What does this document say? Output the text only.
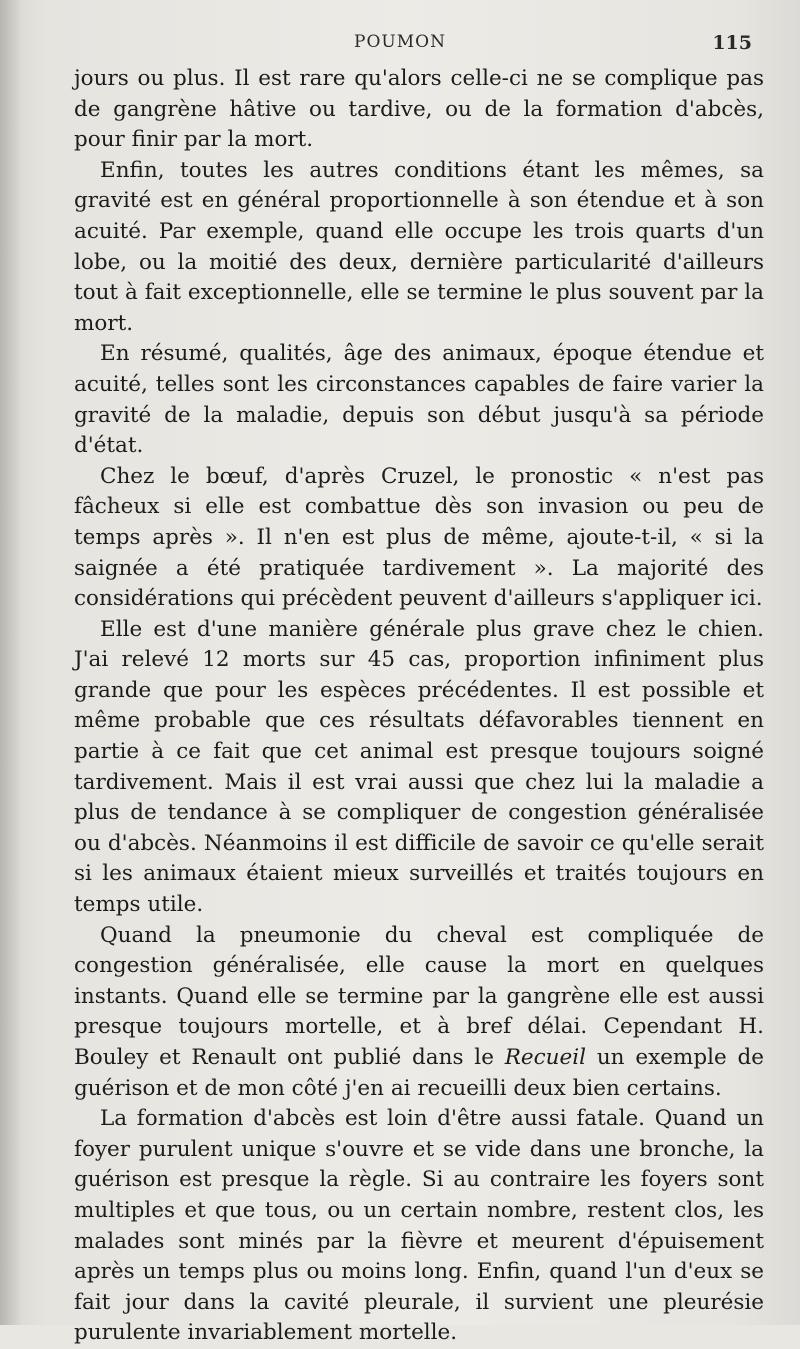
POUMON	115

jours ou plus. Il est rare qu'alors celle-ci ne se complique pas de gangrène hâtive ou tardive, ou de la formation d'abcès, pour finir par la mort.

Enfin, toutes les autres conditions étant les mêmes, sa gravité est en général proportionnelle à son étendue et à son acuité. Par exemple, quand elle occupe les trois quarts d'un lobe, ou la moitié des deux, dernière particularité d'ailleurs tout à fait exceptionnelle, elle se termine le plus souvent par la mort.

En résumé, qualités, âge des animaux, époque étendue et acuité, telles sont les circonstances capables de faire varier la gravité de la maladie, depuis son début jusqu'à sa période d'état.

Chez le bœuf, d'après Cruzel, le pronostic « n'est pas fâcheux si elle est combattue dès son invasion ou peu de temps après ». Il n'en est plus de même, ajoute-t-il, « si la saignée a été pratiquée tardivement ». La majorité des considérations qui précèdent peuvent d'ailleurs s'appliquer ici.

Elle est d'une manière générale plus grave chez le chien. J'ai relevé 12 morts sur 45 cas, proportion infiniment plus grande que pour les espèces précédentes. Il est possible et même probable que ces résultats défavorables tiennent en partie à ce fait que cet animal est presque toujours soigné tardivement. Mais il est vrai aussi que chez lui la maladie a plus de tendance à se compliquer de congestion généralisée ou d'abcès. Néanmoins il est difficile de savoir ce qu'elle serait si les animaux étaient mieux surveillés et traités toujours en temps utile.

Quand la pneumonie du cheval est compliquée de congestion généralisée, elle cause la mort en quelques instants. Quand elle se termine par la gangrène elle est aussi presque toujours mortelle, et à bref délai. Cependant H. Bouley et Renault ont publié dans le Recueil un exemple de guérison et de mon côté j'en ai recueilli deux bien certains.

La formation d'abcès est loin d'être aussi fatale. Quand un foyer purulent unique s'ouvre et se vide dans une bronche, la guérison est presque la règle. Si au contraire les foyers sont multiples et que tous, ou un certain nombre, restent clos, les malades sont minés par la fièvre et meurent d'épuisement après un temps plus ou moins long. Enfin, quand l'un d'eux se fait jour dans la cavité pleurale, il survient une pleurésie purulente invariablement mortelle.
